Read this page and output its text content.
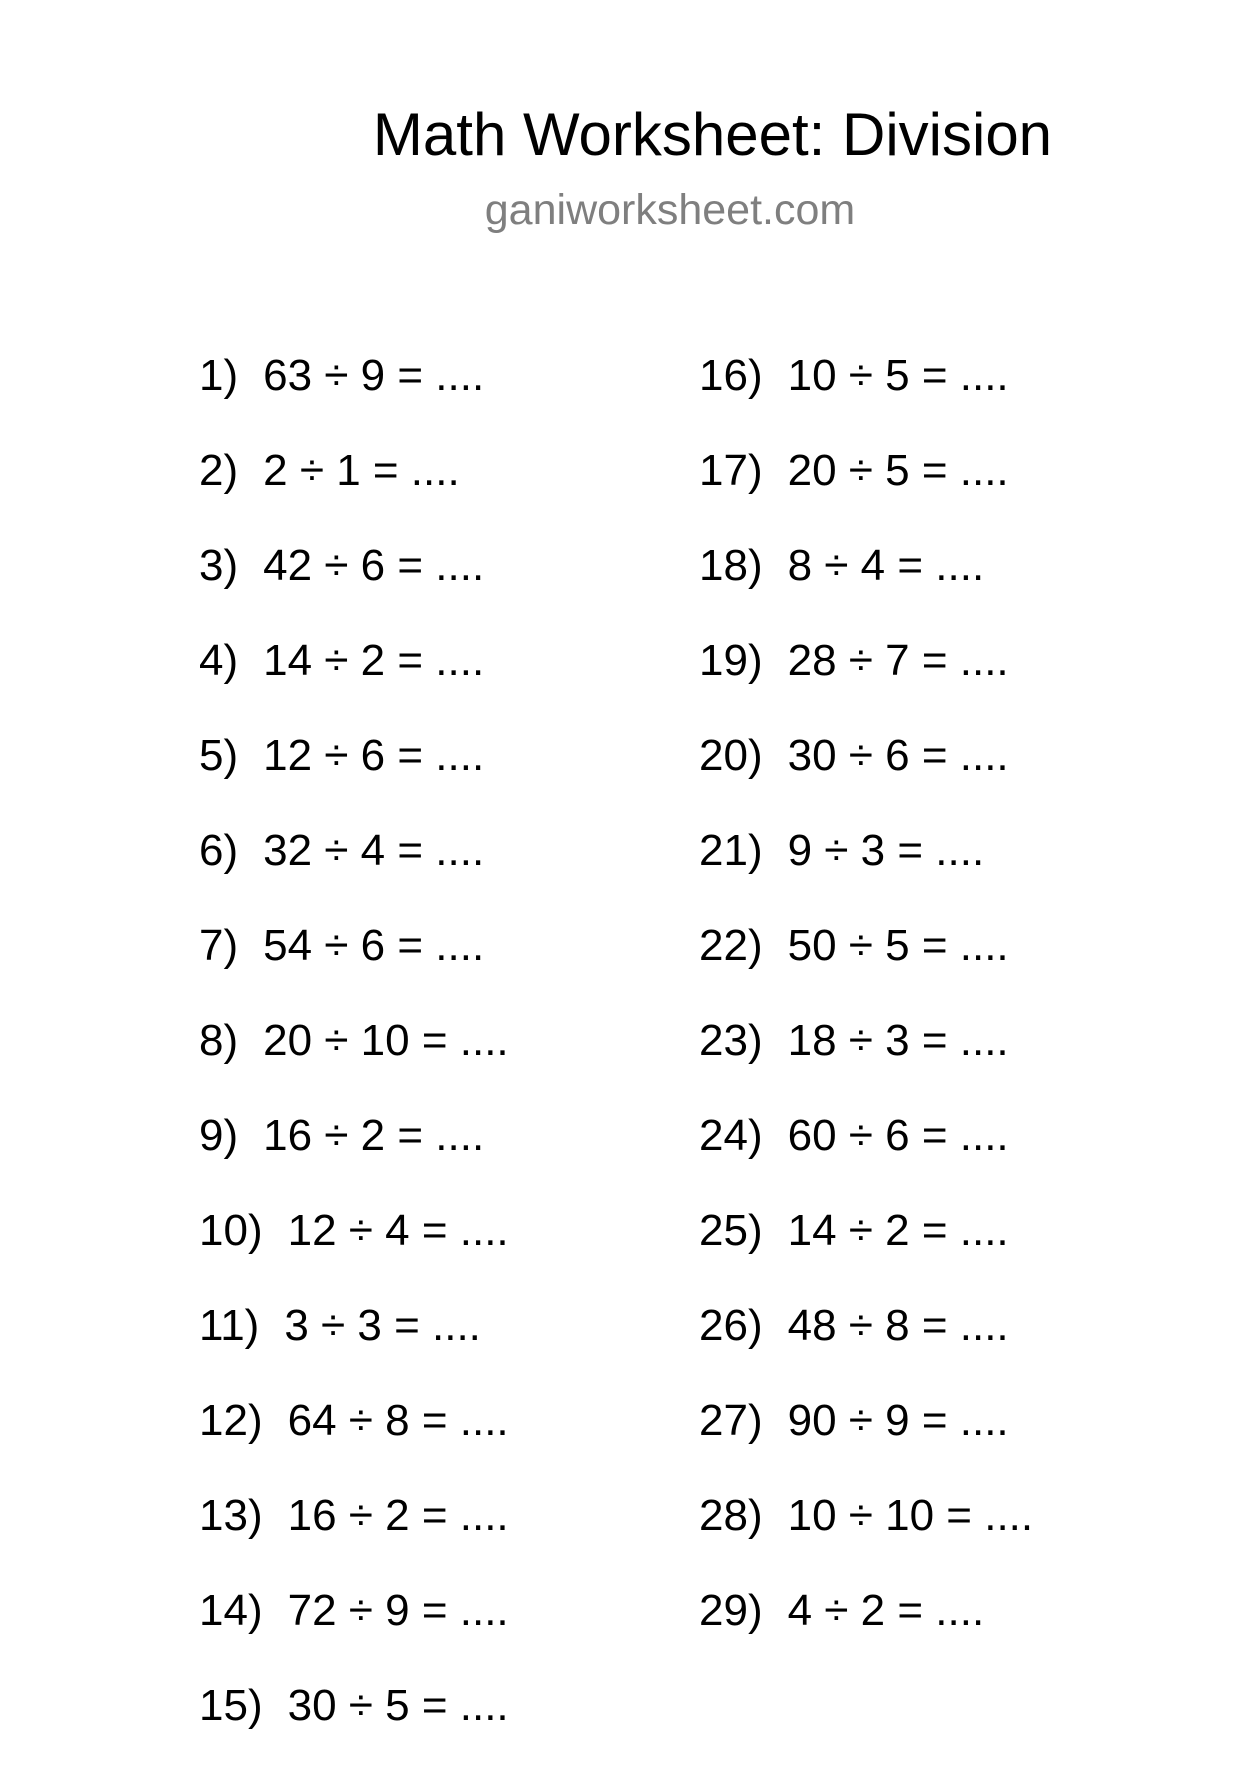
Math Worksheet: Division
ganiworksheet.com
1) 63 ÷ 9 = ....
2) 2 ÷ 1 = ....
3) 42 ÷ 6 = ....
4) 14 ÷ 2 = ....
5) 12 ÷ 6 = ....
6) 32 ÷ 4 = ....
7) 54 ÷ 6 = ....
8) 20 ÷ 10 = ....
9) 16 ÷ 2 = ....
10) 12 ÷ 4 = ....
11) 3 ÷ 3 = ....
12) 64 ÷ 8 = ....
13) 16 ÷ 2 = ....
14) 72 ÷ 9 = ....
15) 30 ÷ 5 = ....
16) 10 ÷ 5 = ....
17) 20 ÷ 5 = ....
18) 8 ÷ 4 = ....
19) 28 ÷ 7 = ....
20) 30 ÷ 6 = ....
21) 9 ÷ 3 = ....
22) 50 ÷ 5 = ....
23) 18 ÷ 3 = ....
24) 60 ÷ 6 = ....
25) 14 ÷ 2 = ....
26) 48 ÷ 8 = ....
27) 90 ÷ 9 = ....
28) 10 ÷ 10 = ....
29) 4 ÷ 2 = ....
